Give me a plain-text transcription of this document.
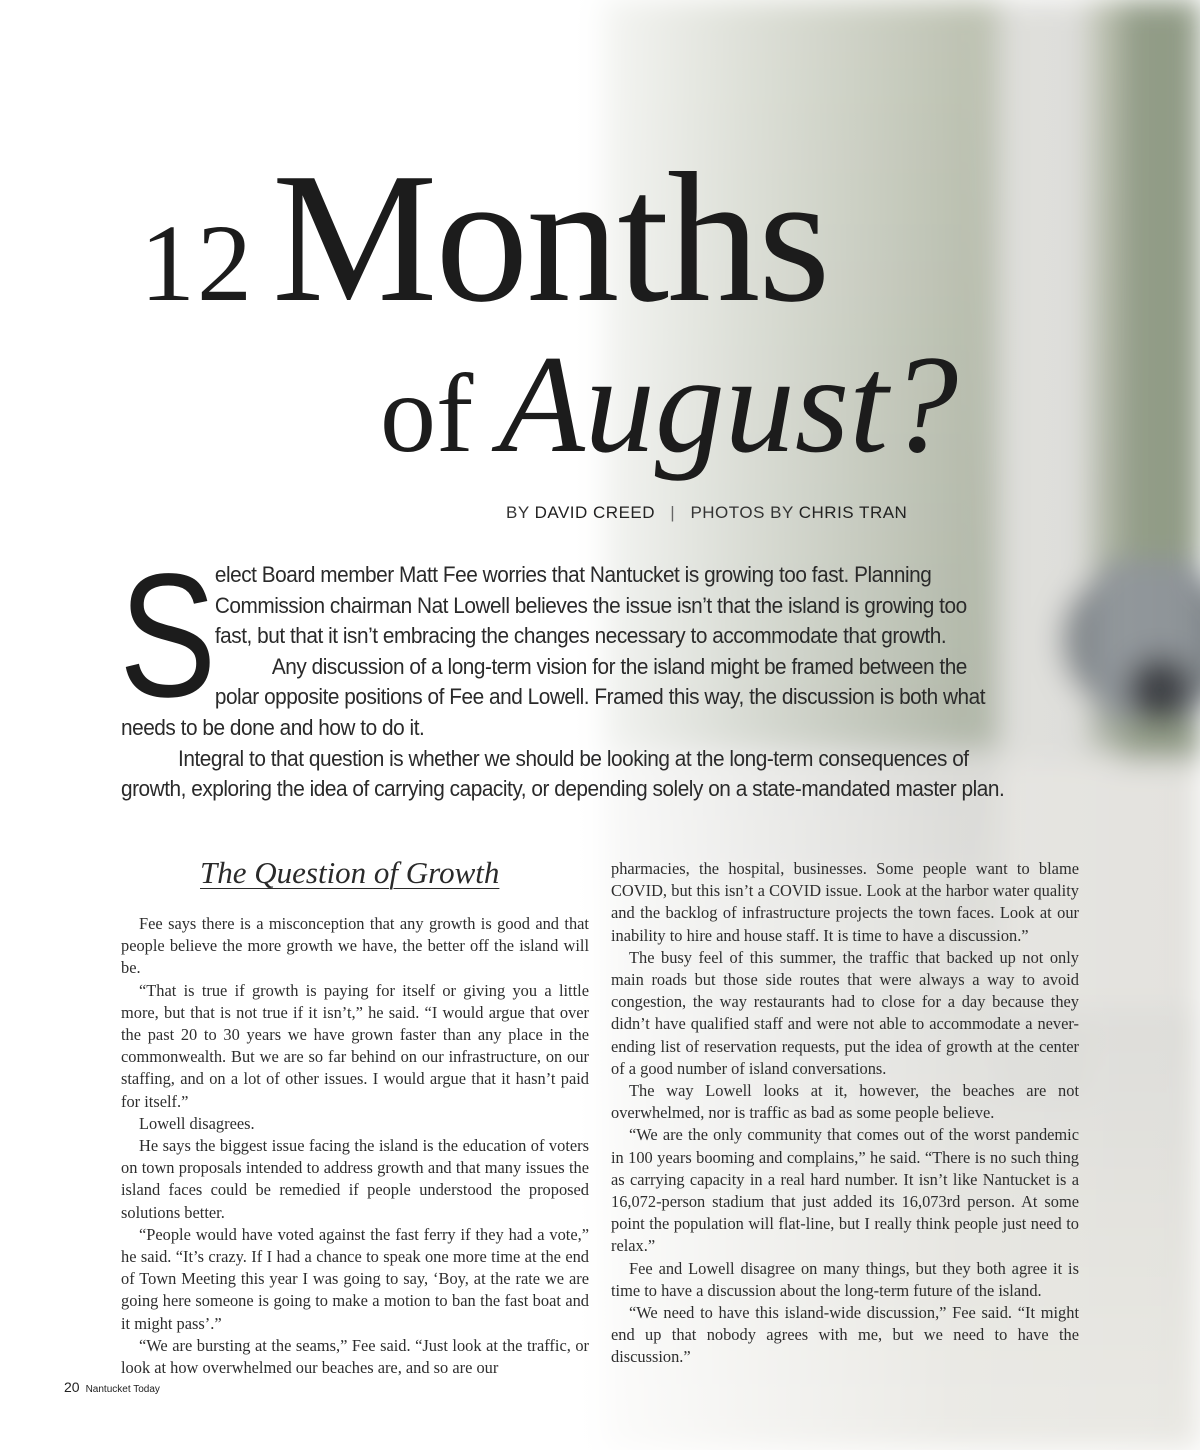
12Months
of August?
BY DAVID CREED | PHOTOS BY CHRIS TRAN
S

elect Board member Matt Fee worries that Nantucket is growing too fast. Planning Commission chairman Nat Lowell believes the issue isn’t that the island is growing too fast, but that it isn’t embracing the changes necessary to accommodate that growth.

Any discussion of a long-term vision for the island might be framed between the polar opposite positions of Fee and Lowell. Framed this way, the discussion is both what needs to be done and how to do it.

Integral to that question is whether we should be looking at the long-term consequences of growth, exploring the idea of carrying capacity, or depending solely on a state-mandated master plan.

The Question of Growth

Fee says there is a misconception that any growth is good and that people believe the more growth we have, the better off the island will be.

“That is true if growth is paying for itself or giving you a little more, but that is not true if it isn’t,” he said. “I would argue that over the past 20 to 30 years we have grown faster than any place in the commonwealth. But we are so far behind on our infrastructure, on our staffing, and on a lot of other issues. I would argue that it hasn’t paid for itself.”

Lowell disagrees.

He says the biggest issue facing the island is the education of voters on town proposals intended to address growth and that many issues the island faces could be remedied if people understood the proposed solutions better.

“People would have voted against the fast ferry if they had a vote,” he said. “It’s crazy. If I had a chance to speak one more time at the end of Town Meeting this year I was going to say, ‘Boy, at the rate we are going here someone is going to make a motion to ban the fast boat and it might pass’.”

“We are bursting at the seams,” Fee said. “Just look at the traffic, or look at how overwhelmed our beaches are, and so are our

pharmacies, the hospital, businesses. Some people want to blame COVID, but this isn’t a COVID issue. Look at the harbor water quality and the backlog of infrastructure projects the town faces. Look at our inability to hire and house staff. It is time to have a discussion.”

The busy feel of this summer, the traffic that backed up not only main roads but those side routes that were always a way to avoid congestion, the way restaurants had to close for a day because they didn’t have qualified staff and were not able to accommodate a never-ending list of reservation requests, put the idea of growth at the center of a good number of island conversations.

The way Lowell looks at it, however, the beaches are not overwhelmed, nor is traffic as bad as some people believe.

“We are the only community that comes out of the worst pandemic in 100 years booming and complains,” he said. “There is no such thing as carrying capacity in a real hard number. It isn’t like Nantucket is a 16,072-person stadium that just added its 16,073rd person. At some point the population will flat-line, but I really think people just need to relax.”

Fee and Lowell disagree on many things, but they both agree it is time to have a discussion about the long-term future of the island.

“We need to have this island-wide discussion,” Fee said. “It might end up that nobody agrees with me, but we need to have the discussion.”

20 Nantucket Today
